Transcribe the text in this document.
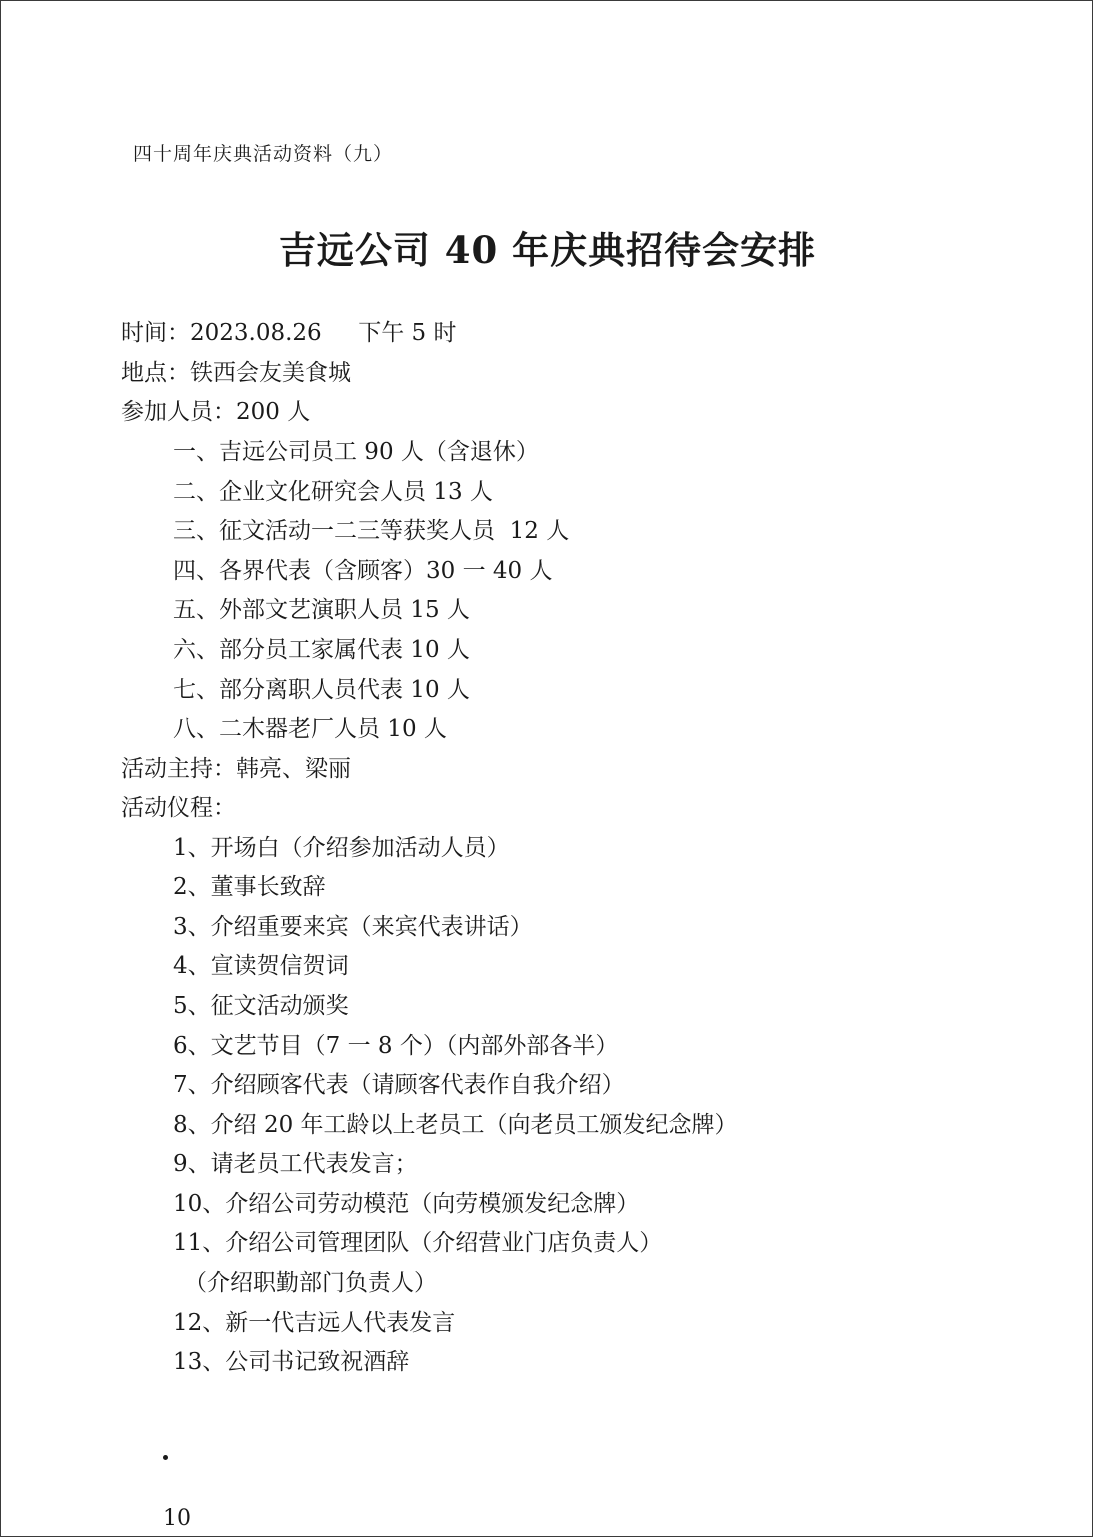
四十周年庆典活动资料（九）
吉远公司 40 年庆典招待会安排
时间：2023.08.26     下午 5 时
地点：铁西会友美食城
参加人员：200 人
一、吉远公司员工 90 人（含退休）
二、企业文化研究会人员 13 人
三、征文活动一二三等获奖人员  12 人
四、各界代表（含顾客）30 一 40 人
五、外部文艺演职人员 15 人
六、部分员工家属代表 10 人
七、部分离职人员代表 10 人
八、二木器老厂人员 10 人
活动主持：韩亮、梁丽
活动仪程：
1、开场白（介绍参加活动人员）
2、董事长致辞
3、介绍重要来宾（来宾代表讲话）
4、宣读贺信贺词
5、征文活动颁奖
6、文艺节目（7 一 8 个）（内部外部各半）
7、介绍顾客代表（请顾客代表作自我介绍）
8、介绍 20 年工龄以上老员工（向老员工颁发纪念牌）
9、请老员工代表发言；
10、介绍公司劳动模范（向劳模颁发纪念牌）
11、介绍公司管理团队（介绍营业门店负责人）
（介绍职勤部门负责人）
12、新一代吉远人代表发言
13、公司书记致祝酒辞

10
